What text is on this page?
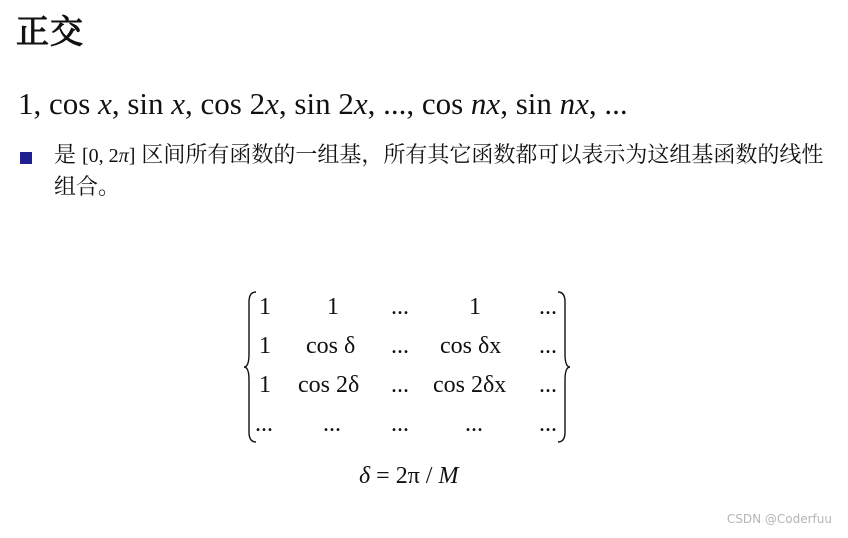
正交
1, cos x, sin x, cos 2x, sin 2x, ..., cos nx, sin nx, ...
是 [0, 2π] 区间所有函数的一组基，所有其它函数都可以表示为这组基函数的线性组合。
1 1 ...	1 ...
1 cos δ ... cos δx ...
1 cos 2δ ... cos 2δx ...
... ... ... ... ...
δ = 2π / M
CSDN @Coderfuu
